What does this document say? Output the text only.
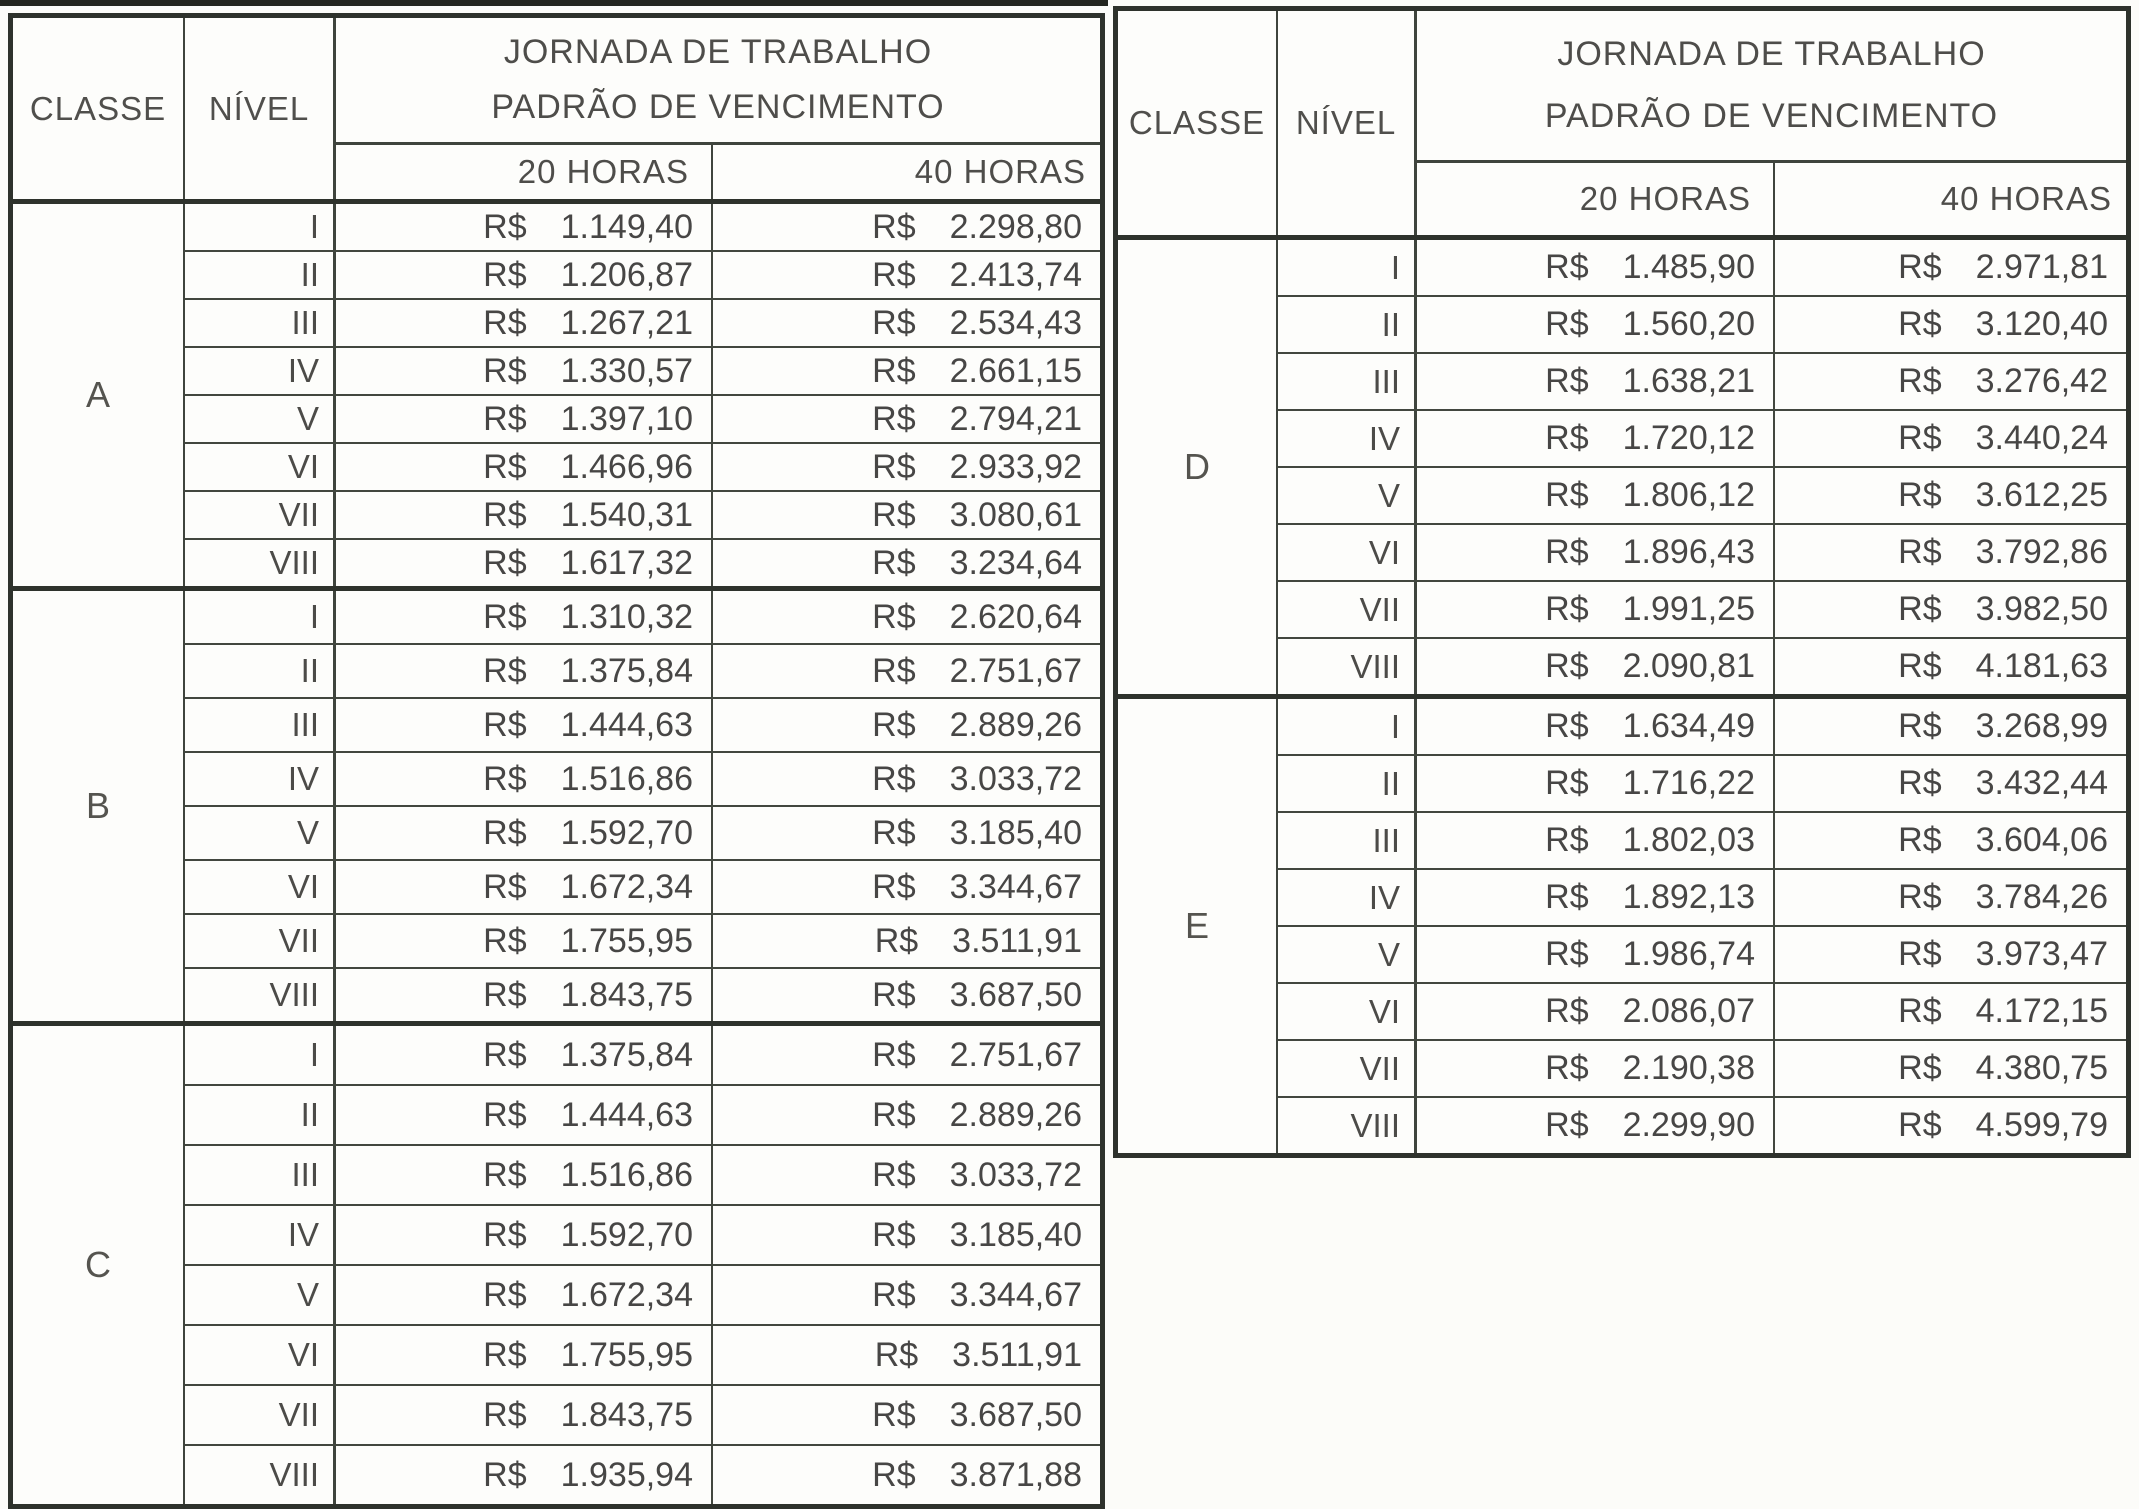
CLASSE	NÍVEL
JORNADA DE TRABALHO
PADRÃO DE VENCIMENTO
20 HORAS	40 HORAS
A
I	R$ 1.149,40	R$ 2.298,80
II	R$ 1.206,87	R$ 2.413,74
III	R$ 1.267,21	R$ 2.534,43
IV	R$ 1.330,57	R$ 2.661,15
V	R$ 1.397,10	R$ 2.794,21
VI	R$ 1.466,96	R$ 2.933,92
VII	R$ 1.540,31	R$ 3.080,61
VIII	R$ 1.617,32	R$ 3.234,64
B
I	R$ 1.310,32	R$ 2.620,64
II	R$ 1.375,84	R$ 2.751,67
III	R$ 1.444,63	R$ 2.889,26
IV	R$ 1.516,86	R$ 3.033,72
V	R$ 1.592,70	R$ 3.185,40
VI	R$ 1.672,34	R$ 3.344,67
VII	R$ 1.755,95	R$ 3.511,91
VIII	R$ 1.843,75	R$ 3.687,50
C
I	R$ 1.375,84	R$ 2.751,67
II	R$ 1.444,63	R$ 2.889,26
III	R$ 1.516,86	R$ 3.033,72
IV	R$ 1.592,70	R$ 3.185,40
V	R$ 1.672,34	R$ 3.344,67
VI	R$ 1.755,95	R$ 3.511,91
VII	R$ 1.843,75	R$ 3.687,50
VIII	R$ 1.935,94	R$ 3.871,88
CLASSE NÍVEL
JORNADA DE TRABALHO
PADRÃO DE VENCIMENTO
20 HORAS	40 HORAS
D
I	R$ 1.485,90	R$ 2.971,81
II	R$ 1.560,20	R$ 3.120,40
III	R$ 1.638,21	R$ 3.276,42
IV	R$ 1.720,12	R$ 3.440,24
V	R$ 1.806,12	R$ 3.612,25
VI	R$ 1.896,43	R$ 3.792,86
VII	R$ 1.991,25	R$ 3.982,50
VIII	R$ 2.090,81	R$ 4.181,63
E
I	R$ 1.634,49	R$ 3.268,99
II	R$ 1.716,22	R$ 3.432,44
III	R$ 1.802,03	R$ 3.604,06
IV	R$ 1.892,13	R$ 3.784,26
V	R$ 1.986,74	R$ 3.973,47
VI	R$ 2.086,07	R$ 4.172,15
VII	R$ 2.190,38	R$ 4.380,75
VIII	R$ 2.299,90	R$ 4.599,79
